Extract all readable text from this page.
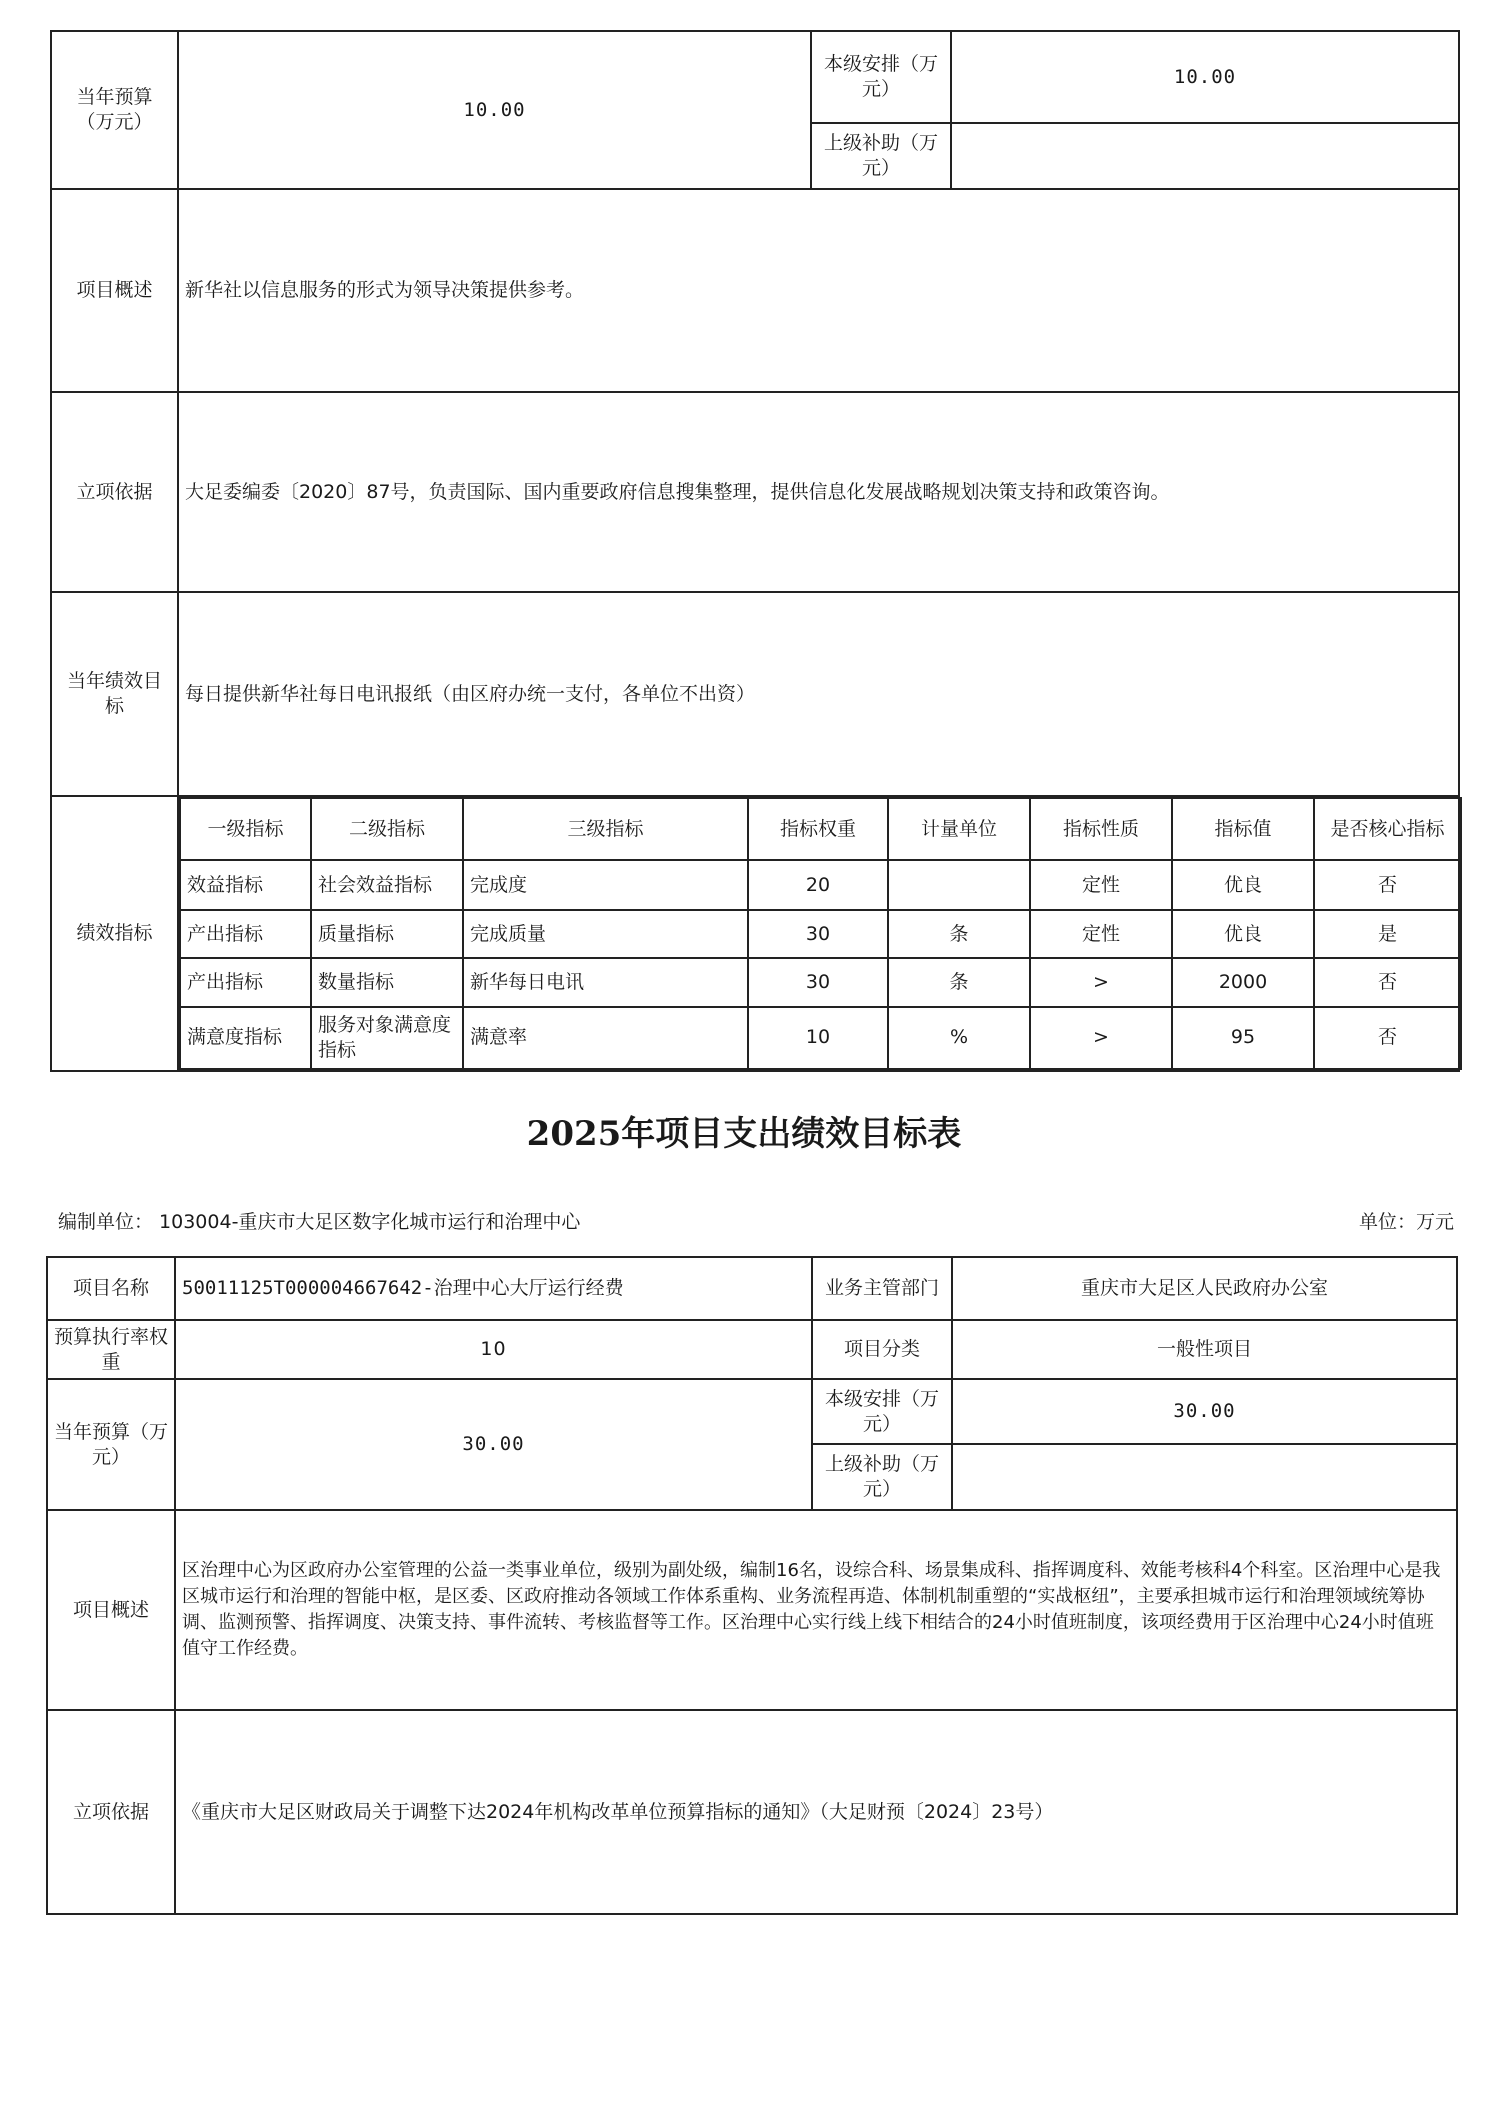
当年预算（万元）	10.00	本级安排（万元）	10.00
上级补助（万元）	
项目概述	新华社以信息服务的形式为领导决策提供参考。
立项依据	大足委编委〔2020〕87号，负责国际、国内重要政府信息搜集整理，提供信息化发展战略规划决策支持和政策咨询。
当年绩效目标	每日提供新华社每日电讯报纸（由区府办统一支付，各单位不出资）
绩效指标	
一级指标	二级指标	三级指标	指标权重	计量单位	指标性质	指标值	是否核心指标
效益指标	社会效益指标	完成度	20		定性	优良	否
产出指标	质量指标	完成质量	30	条	定性	优良	是
产出指标	数量指标	新华每日电讯	30	条	>	2000	否
满意度指标	服务对象满意度指标	满意率	10	%	>	95	否
2025年项目支出绩效目标表
编制单位： 103004-重庆市大足区数字化城市运行和治理中心	单位：万元
项目名称	50011125T000004667642-治理中心大厅运行经费	业务主管部门	重庆市大足区人民政府办公室
预算执行率权重	10	项目分类	一般性项目
当年预算（万元）	30.00	本级安排（万元）	30.00
		上级补助（万元）	
项目概述	区治理中心为区政府办公室管理的公益一类事业单位，级别为副处级，编制16名，设综合科、场景集成科、指挥调度科、效能考核科4个科室。区治理中心是我区城市运行和治理的智能中枢，是区委、区政府推动各领域工作体系重构、业务流程再造、体制机制重塑的“实战枢纽”，主要承担城市运行和治理领域统筹协调、监测预警、指挥调度、决策支持、事件流转、考核监督等工作。区治理中心实行线上线下相结合的24小时值班制度，该项经费用于区治理中心24小时值班值守工作经费。		
立项依据	《重庆市大足区财政局关于调整下达2024年机构改革单位预算指标的通知》（大足财预〔2024〕23号）		
